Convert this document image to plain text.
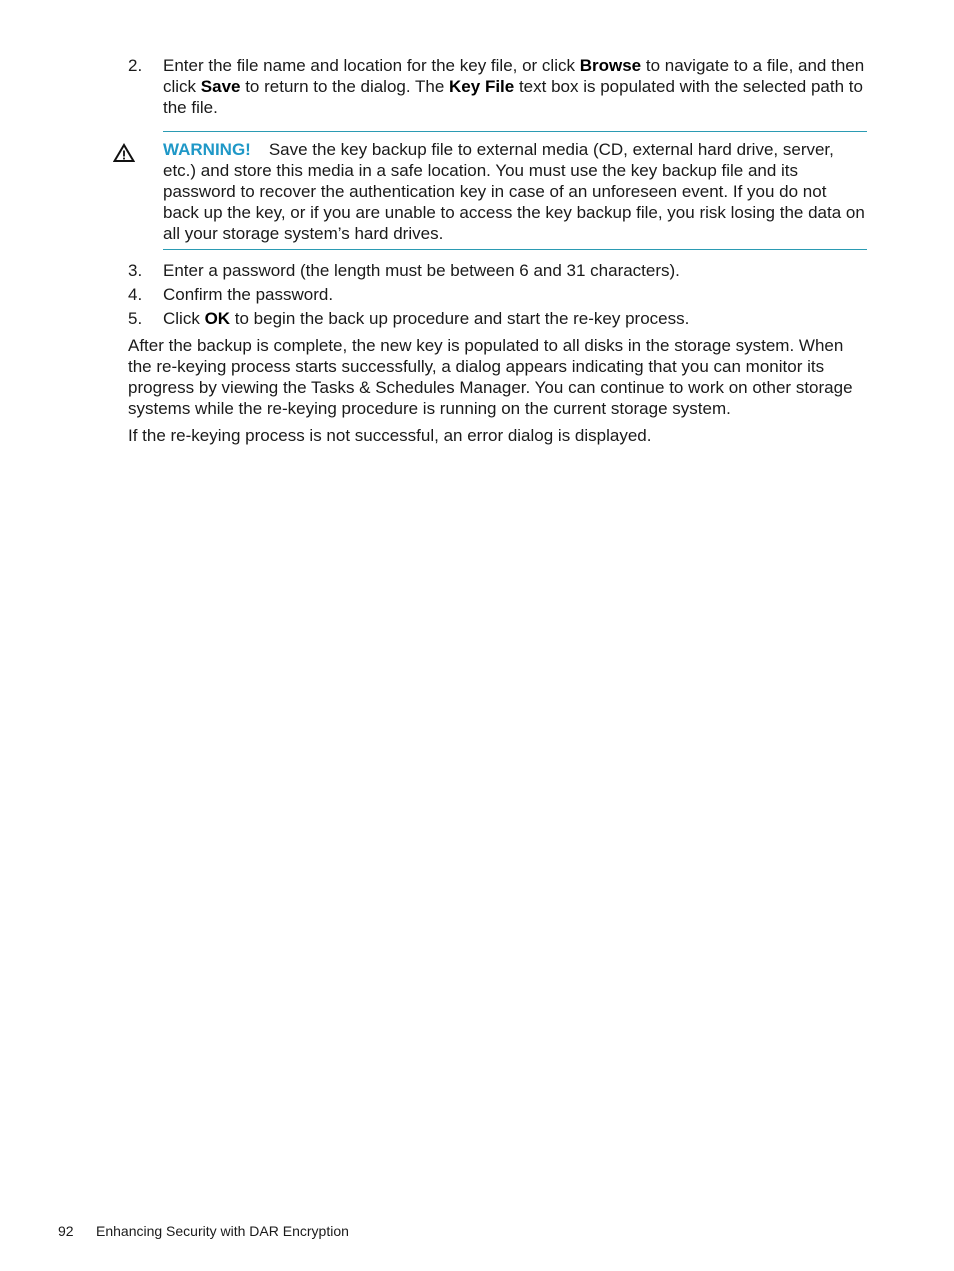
2.	Enter the file name and location for the key file, or click Browse to navigate to a file, and then click Save to return to the dialog. The Key File text box is populated with the selected path to the file.
WARNING! Save the key backup file to external media (CD, external hard drive, server, etc.) and store this media in a safe location. You must use the key backup file and its password to recover the authentication key in case of an unforeseen event. If you do not back up the key, or if you are unable to access the key backup file, you risk losing the data on all your storage system’s hard drives.
3.	Enter a password (the length must be between 6 and 31 characters).
4.	Confirm the password.
5.	Click OK to begin the back up procedure and start the re-key process.
After the backup is complete, the new key is populated to all disks in the storage system. When the re-keying process starts successfully, a dialog appears indicating that you can monitor its progress by viewing the Tasks & Schedules Manager. You can continue to work on other storage systems while the re-keying procedure is running on the current storage system.
If the re-keying process is not successful, an error dialog is displayed.
92 Enhancing Security with DAR Encryption
